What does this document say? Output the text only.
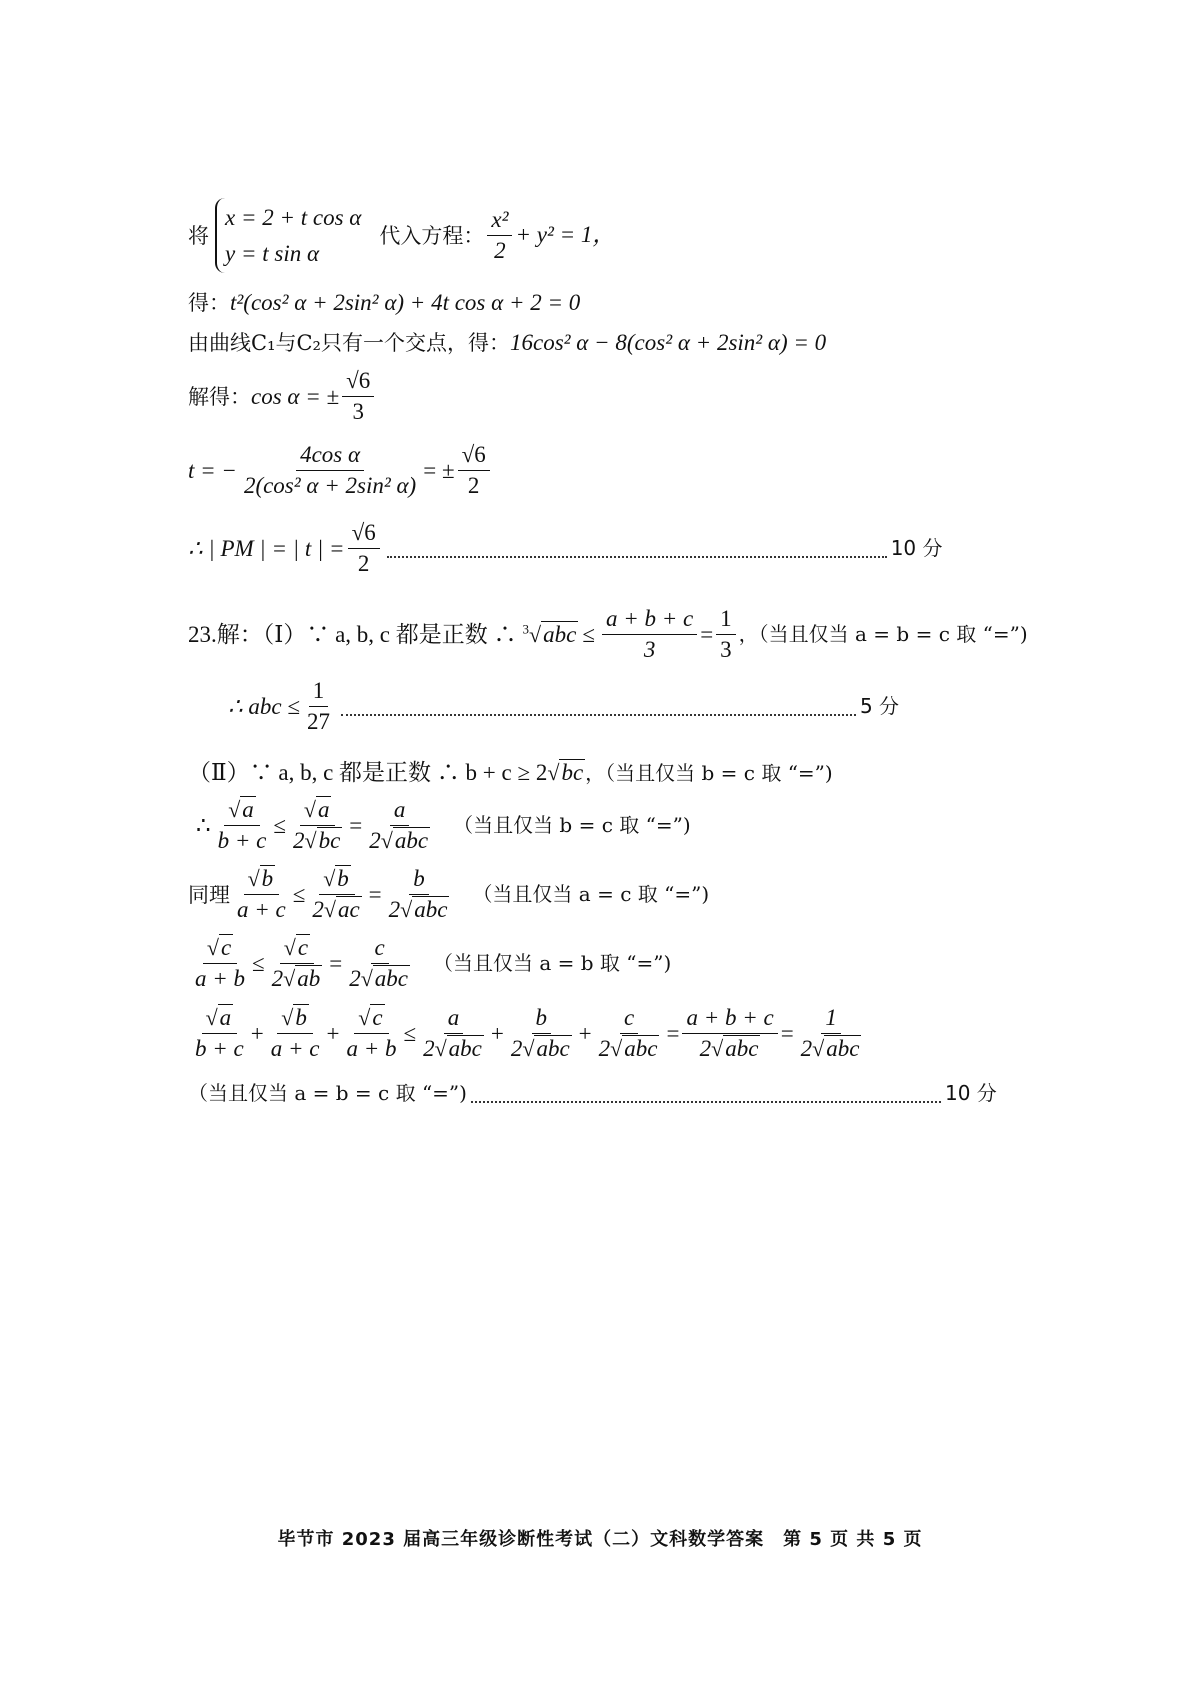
将
x = 2 + t cos α
y = t sin α
代入方程： $\frac{\text{x²}}{2} + y^2 = 1$，
得： t²(cos² α + 2sin² α) + 4t cos α + 2 = 0
由曲线C₁与C₂只有一个交点，得： 16cos² α − 8(cos² α + 2sin² α) = 0
解得： cos α = ± $\frac{√6}{3}$
t = − $\frac{\text{4cos α}}{\text{2(cos² α + 2sin² α)}}$ = ± $\frac{√6}{2}$
∴ | PM | = | t | = $\frac{√6}{2}$	10 分
23.解：（Ⅰ）∵ a, b, c 都是正数 ∴ $^3√abc \le \frac{a + b + c}{3} = \frac{1}{3}$ ，（当且仅当 a = b = c 取 “=”)
∴ abc ≤ $\frac{1}{27}$	5 分
（Ⅱ）∵ a, b, c 都是正数 ∴ b + c ≥ 2 √bc ，（当且仅当 b = c 取 “=”)
∴ $\frac{√a}{b + c} \le \frac{√a}{2√bc} = \frac{a}{\text{2√abc}}$ （当且仅当 b = c 取 “=”)
同理 $\frac{√b}{a + c} \le \frac{√b}{2√ac} = \frac{b}{\text{2√abc}}$ （当且仅当 a = c 取 “=”)
$\frac{√c}{a + b} \le \frac{√c}{2√ab} = \frac{c}{\text{2√abc}}$ （当且仅当 a = b 取 “=”)
$\frac{√a}{b + c} + \frac{√b}{a + c} + \frac{√c}{a + b} \le \frac{a}{\text{2√abc}} + \frac{b}{\text{2√abc}} + \frac{c}{\text{2√abc}} = \frac{a + b + c}{\text{2√abc}} = \frac{1}{\text{2√abc}}$
（当且仅当 a = b = c 取 “=”)	10 分
毕节市 2023 届高三年级诊断性考试（二）文科数学答案　第 5 页 共 5 页
